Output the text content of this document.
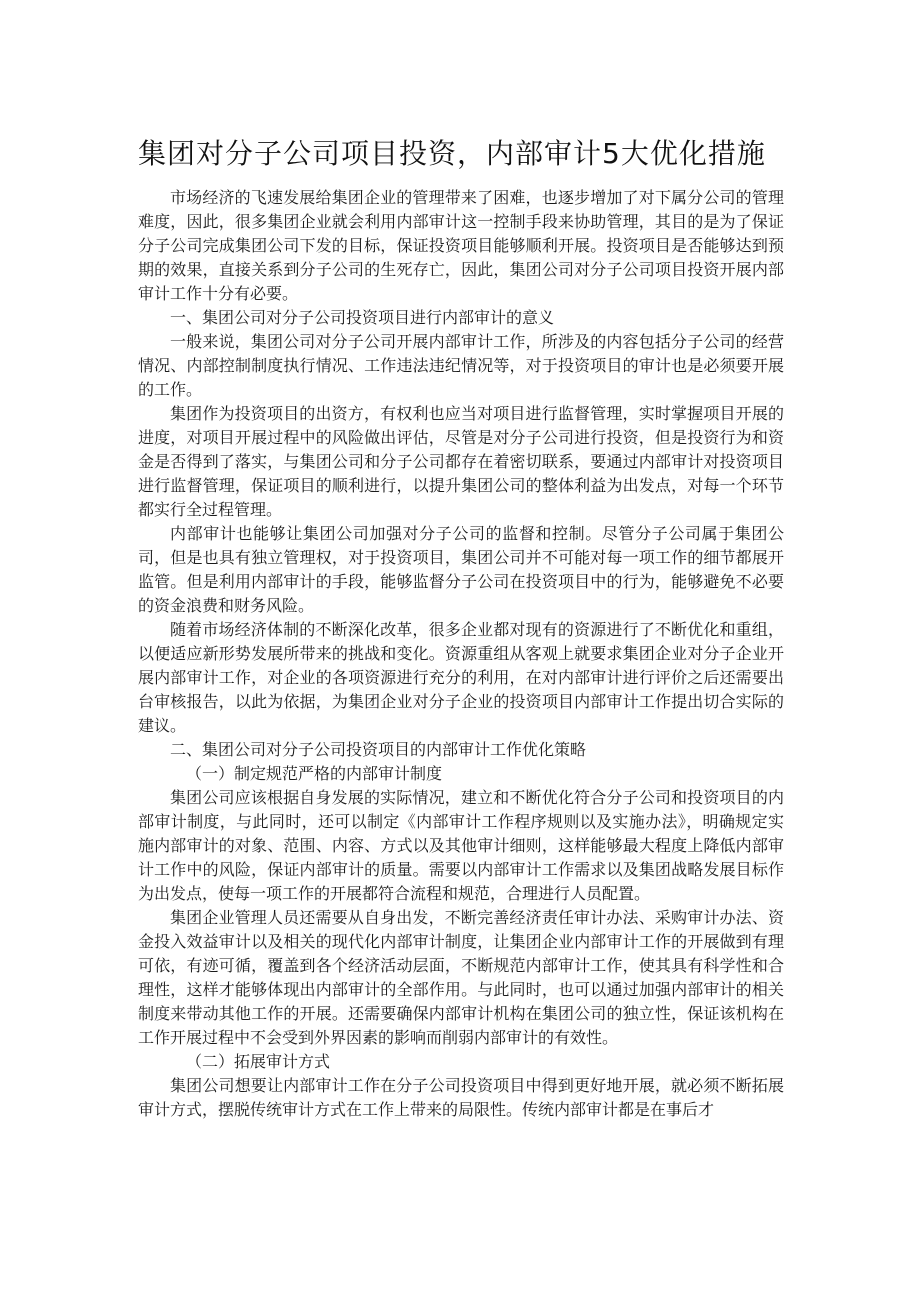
集团对分子公司项目投资，内部审计5大优化措施

市场经济的飞速发展给集团企业的管理带来了困难，也逐步增加了对下属分公司的管理难度，因此，很多集团企业就会利用内部审计这一控制手段来协助管理，其目的是为了保证分子公司完成集团公司下发的目标，保证投资项目能够顺利开展。投资项目是否能够达到预期的效果，直接关系到分子公司的生死存亡，因此，集团公司对分子公司项目投资开展内部审计工作十分有必要。

一、集团公司对分子公司投资项目进行内部审计的意义

一般来说，集团公司对分子公司开展内部审计工作，所涉及的内容包括分子公司的经营情况、内部控制制度执行情况、工作违法违纪情况等，对于投资项目的审计也是必须要开展的工作。

集团作为投资项目的出资方，有权利也应当对项目进行监督管理，实时掌握项目开展的进度，对项目开展过程中的风险做出评估，尽管是对分子公司进行投资，但是投资行为和资金是否得到了落实，与集团公司和分子公司都存在着密切联系，要通过内部审计对投资项目进行监督管理，保证项目的顺利进行，以提升集团公司的整体利益为出发点，对每一个环节都实行全过程管理。

内部审计也能够让集团公司加强对分子公司的监督和控制。尽管分子公司属于集团公司，但是也具有独立管理权，对于投资项目，集团公司并不可能对每一项工作的细节都展开监管。但是利用内部审计的手段，能够监督分子公司在投资项目中的行为，能够避免不必要的资金浪费和财务风险。

随着市场经济体制的不断深化改革，很多企业都对现有的资源进行了不断优化和重组，以便适应新形势发展所带来的挑战和变化。资源重组从客观上就要求集团企业对分子企业开展内部审计工作，对企业的各项资源进行充分的利用，在对内部审计进行评价之后还需要出台审核报告，以此为依据，为集团企业对分子企业的投资项目内部审计工作提出切合实际的建议。

二、集团公司对分子公司投资项目的内部审计工作优化策略

（一）制定规范严格的内部审计制度

集团公司应该根据自身发展的实际情况，建立和不断优化符合分子公司和投资项目的内部审计制度，与此同时，还可以制定《内部审计工作程序规则以及实施办法》，明确规定实施内部审计的对象、范围、内容、方式以及其他审计细则，这样能够最大程度上降低内部审计工作中的风险，保证内部审计的质量。需要以内部审计工作需求以及集团战略发展目标作为出发点，使每一项工作的开展都符合流程和规范，合理进行人员配置。

集团企业管理人员还需要从自身出发，不断完善经济责任审计办法、采购审计办法、资金投入效益审计以及相关的现代化内部审计制度，让集团企业内部审计工作的开展做到有理可依，有迹可循，覆盖到各个经济活动层面，不断规范内部审计工作，使其具有科学性和合理性，这样才能够体现出内部审计的全部作用。与此同时，也可以通过加强内部审计的相关制度来带动其他工作的开展。还需要确保内部审计机构在集团公司的独立性，保证该机构在工作开展过程中不会受到外界因素的影响而削弱内部审计的有效性。

（二）拓展审计方式

集团公司想要让内部审计工作在分子公司投资项目中得到更好地开展，就必须不断拓展审计方式，摆脱传统审计方式在工作上带来的局限性。传统内部审计都是在事后才
